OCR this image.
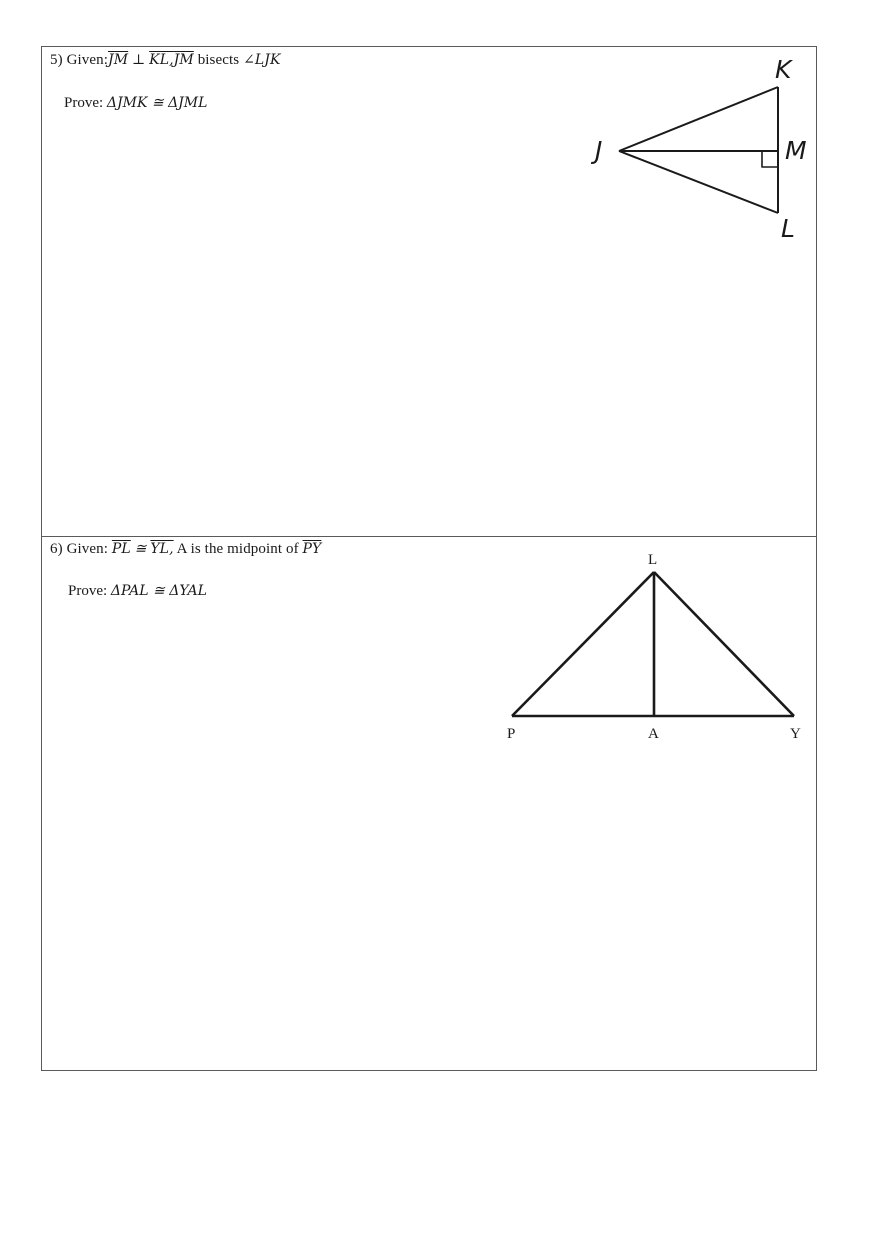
5) $Given:\overline{JM}$ ⊥ $KL,\overline{JM}$ bisects ∠LJK
Prove: ΔJMK ≅ ΔJML
K
J	M
L
6) Given: $\overline{PL}$ ≅ YL, A is the midpoint of $\overline{PY}$
Prove: ΔPAL ≅ ΔYAL
L
P	A	Y
